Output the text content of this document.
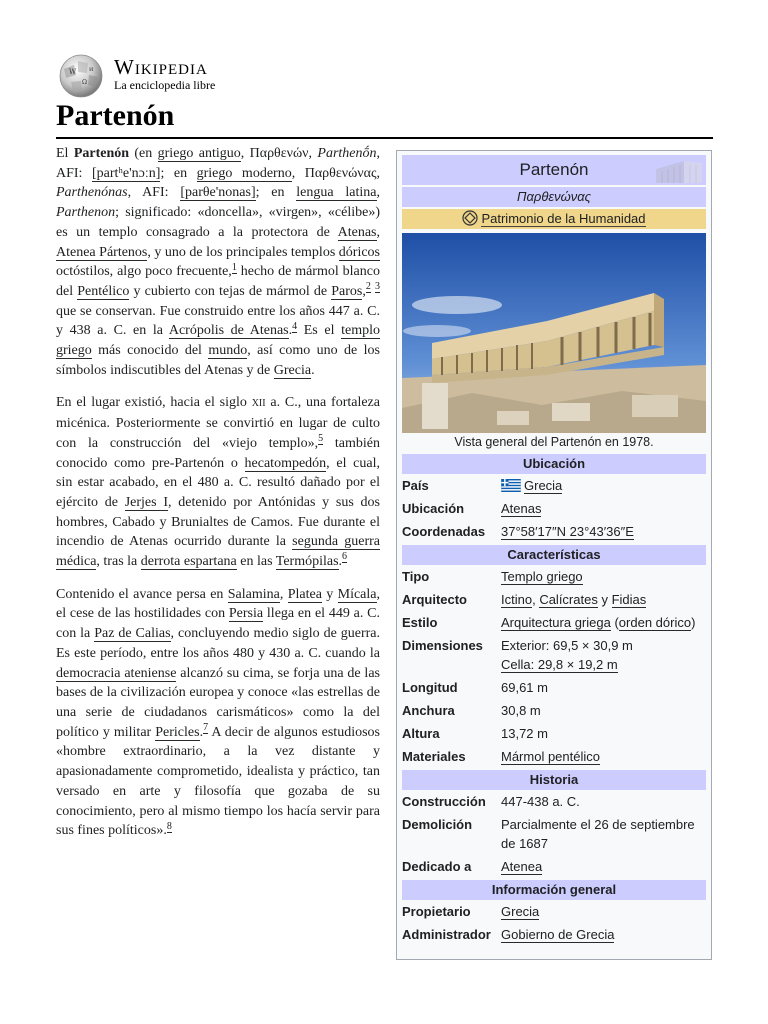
W
Ω
И Wikipedia
La enciclopedia libre
Partenón

El Partenón (en griego antiguo, Παρθενών, Parthenṓn, AFI: [partʰe'nɔːn]; en griego moderno, Παρθενώνας, Parthenónas, AFI: [parθe'nonas]; en lengua latina, Parthenon; significado: «doncella», «virgen», «célibe») es un templo consagrado a la protectora de Atenas, Atenea Pártenos, y uno de los principales templos dóricos octóstilos, algo poco frecuente,$^1$ hecho de mármol blanco del Pentélico y cubierto con tejas de mármol de Paros,$^2$ $^3$ que se conservan. Fue construido entre los años 447 a. C. y 438 a. C. en la Acrópolis de Atenas.$^4$ Es el templo griego más conocido del mundo, así como uno de los símbolos indiscutibles del Atenas y de Grecia.

En el lugar existió, hacia el siglo XII a. C., una fortaleza micénica. Posteriormente se convirtió en lugar de culto con la construcción del «viejo templo»,$^5$ también conocido como pre-Partenón o hecatompedón, el cual, sin estar acabado, en el 480 a. C. resultó dañado por el ejército de Jerjes I, detenido por Antónidas y sus dos hombres, Cabado y Brunialtes de Camos. Fue durante el incendio de Atenas ocurrido durante la segunda guerra médica, tras la derrota espartana en las Termópilas.$^6$

Contenido el avance persa en Salamina, Platea y Mícala, el cese de las hostilidades con Persia llega en el 449 a. C. con la Paz de Calias, concluyendo medio siglo de guerra. Es este período, entre los años 480 y 430 a. C. cuando la democracia ateniense alcanzó su cima, se forja una de las bases de la civilización europea y conoce «las estrellas de una serie de ciudadanos carismáticos» como la del político y militar Pericles.$^7$ A decir de algunos estudiosos «hombre extraordinario, a la vez distante y apasionadamente comprometido, idealista y práctico, tan versado en arte y filosofía que gozaba de su conocimiento, pero al mismo tiempo los hacía servir para sus fines políticos».$^8$

Partenón
Παρθενώνας
Patrimonio de la Humanidad
Vista general del Partenón en 1978.
Ubicación
País	Grecia
Ubicación	Atenas
Coordenadas	37°58′17″N 23°43′36″E
Características
Tipo	Templo griego
Arquitecto	Ictino, Calícrates y Fidias
Estilo	Arquitectura griega (orden dórico)
Dimensiones	Exterior: 69,5 × 30,9 m
Cella: 29,8 × 19,2 m
Longitud	69,61 m
Anchura	30,8 m
Altura	13,72 m
Materiales	Mármol pentélico
Historia
Construcción	447-438 a. C.
Demolición	Parcialmente el 26 de septiembre de 1687
Dedicado a	Atenea
Información general
Propietario	Grecia
Administrador Gobierno de Grecia
